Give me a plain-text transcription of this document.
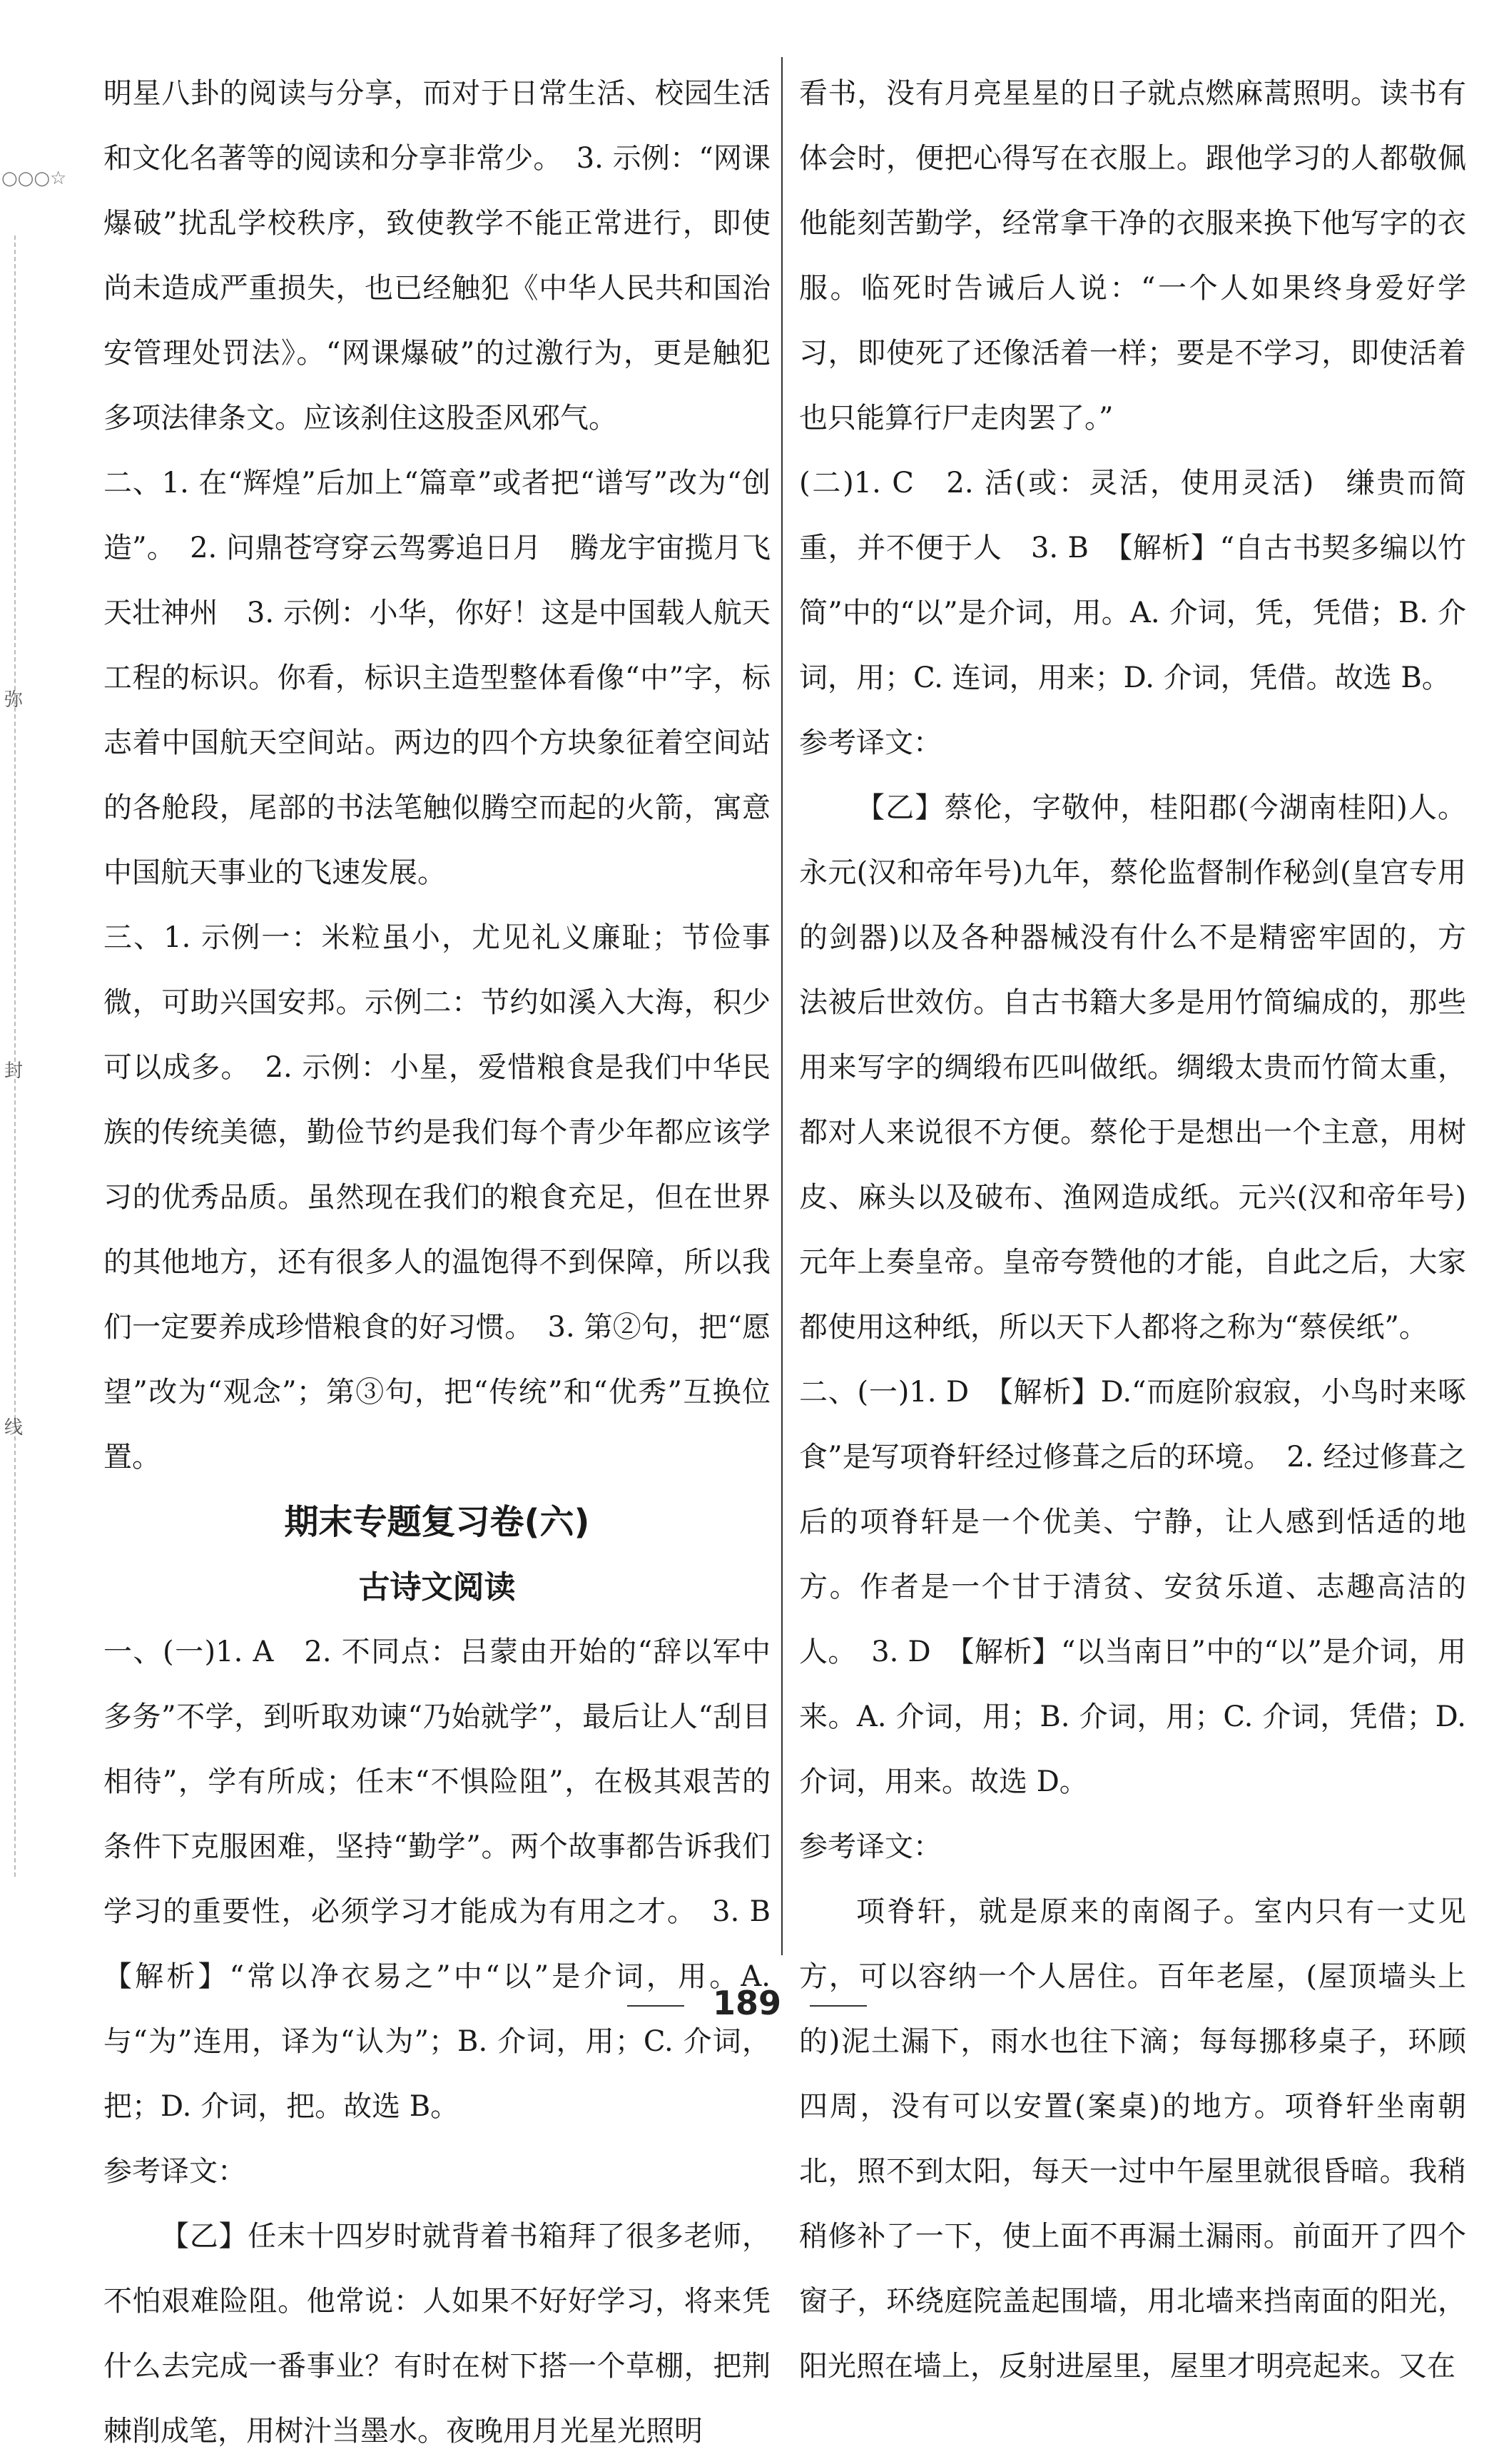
○○○☆
弥
封
线

明星八卦的阅读与分享，而对于日常生活、校园生活和文化名著等的阅读和分享非常少。　3. 示例：“网课爆破”扰乱学校秩序，致使教学不能正常进行，即使尚未造成严重损失，也已经触犯《中华人民共和国治安管理处罚法》。“网课爆破”的过激行为，更是触犯多项法律条文。应该刹住这股歪风邪气。

二、1. 在“辉煌”后加上“篇章”或者把“谱写”改为“创造”。　2. 问鼎苍穹穿云驾雾追日月　腾龙宇宙揽月飞天壮神州　3. 示例：小华，你好！这是中国载人航天工程的标识。你看，标识主造型整体看像“中”字，标志着中国航天空间站。两边的四个方块象征着空间站的各舱段，尾部的书法笔触似腾空而起的火箭，寓意中国航天事业的飞速发展。

三、1. 示例一：米粒虽小，尤见礼义廉耻；节俭事微，可助兴国安邦。示例二：节约如溪入大海，积少可以成多。　2. 示例：小星，爱惜粮食是我们中华民族的传统美德，勤俭节约是我们每个青少年都应该学习的优秀品质。虽然现在我们的粮食充足，但在世界的其他地方，还有很多人的温饱得不到保障，所以我们一定要养成珍惜粮食的好习惯。　3. 第②句，把“愿望”改为“观念”；第③句，把“传统”和“优秀”互换位置。

期末专题复习卷(六)

古诗文阅读

一、(一)1. A　2. 不同点：吕蒙由开始的“辞以军中多务”不学，到听取劝谏“乃始就学”，最后让人“刮目相待”，学有所成；任末“不惧险阻”，在极其艰苦的条件下克服困难，坚持“勤学”。两个故事都告诉我们学习的重要性，必须学习才能成为有用之才。　3. B【解析】“常以净衣易之”中“以”是介词，用。A. 与“为”连用，译为“认为”；B. 介词，用；C. 介词，把；D. 介词，把。故选 B。

参考译文：

【乙】任末十四岁时就背着书箱拜了很多老师，不怕艰难险阻。他常说：人如果不好好学习，将来凭什么去完成一番事业？有时在树下搭一个草棚，把荆棘削成笔，用树汁当墨水。夜晚用月光星光照明

看书，没有月亮星星的日子就点燃麻蒿照明。读书有体会时，便把心得写在衣服上。跟他学习的人都敬佩他能刻苦勤学，经常拿干净的衣服来换下他写字的衣服。临死时告诫后人说：“一个人如果终身爱好学习，即使死了还像活着一样；要是不学习，即使活着也只能算行尸走肉罢了。”

(二)1. C　2. 活(或：灵活，使用灵活)　缣贵而简重，并不便于人　3. B　【解析】“自古书契多编以竹简”中的“以”是介词，用。A. 介词，凭，凭借；B. 介词，用；C. 连词，用来；D. 介词，凭借。故选 B。

参考译文：

【乙】蔡伦，字敬仲，桂阳郡(今湖南桂阳)人。永元(汉和帝年号)九年，蔡伦监督制作秘剑(皇宫专用的剑器)以及各种器械没有什么不是精密牢固的，方法被后世效仿。自古书籍大多是用竹简编成的，那些用来写字的绸缎布匹叫做纸。绸缎太贵而竹简太重，都对人来说很不方便。蔡伦于是想出一个主意，用树皮、麻头以及破布、渔网造成纸。元兴(汉和帝年号)元年上奏皇帝。皇帝夸赞他的才能，自此之后，大家都使用这种纸，所以天下人都将之称为“蔡侯纸”。

二、(一)1. D　【解析】D.“而庭阶寂寂，小鸟时来啄食”是写项脊轩经过修葺之后的环境。　2. 经过修葺之后的项脊轩是一个优美、宁静，让人感到恬适的地方。作者是一个甘于清贫、安贫乐道、志趣高洁的人。　3. D　【解析】“以当南日”中的“以”是介词，用来。A. 介词，用；B. 介词，用；C. 介词，凭借；D. 介词，用来。故选 D。

参考译文：

项脊轩，就是原来的南阁子。室内只有一丈见方，可以容纳一个人居住。百年老屋，(屋顶墙头上的)泥土漏下，雨水也往下滴；每每挪移桌子，环顾四周，没有可以安置(案桌)的地方。项脊轩坐南朝北，照不到太阳，每天一过中午屋里就很昏暗。我稍稍修补了一下，使上面不再漏土漏雨。前面开了四个窗子，环绕庭院盖起围墙，用北墙来挡南面的阳光，阳光照在墙上，反射进屋里，屋里才明亮起来。又在

189
